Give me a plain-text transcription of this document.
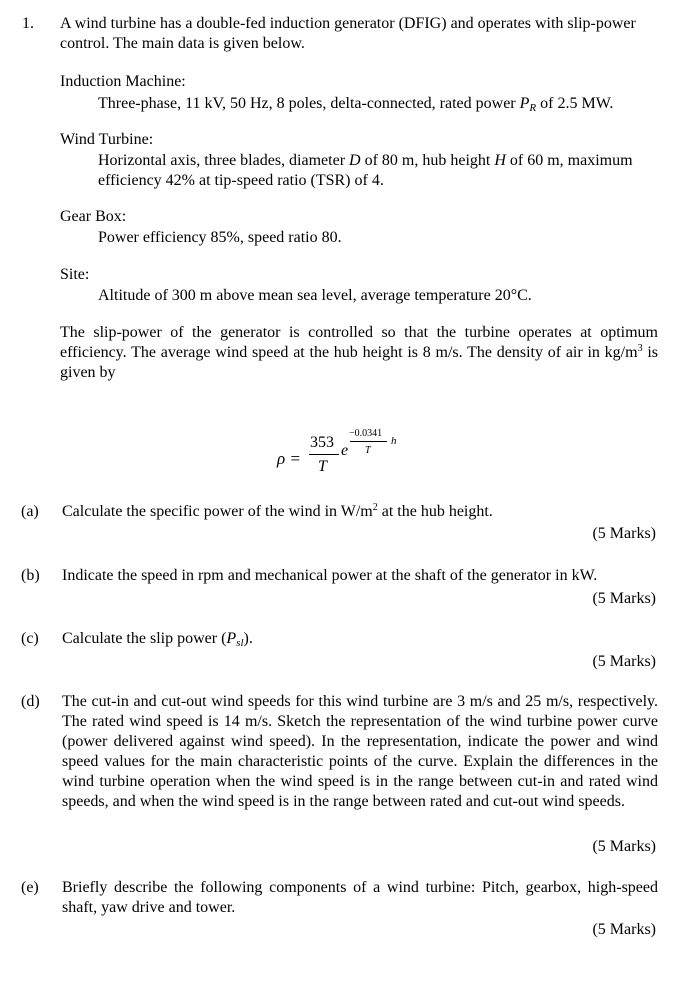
1. A wind turbine has a double-fed induction generator (DFIG) and operates with slip-power control. The main data is given below.
Induction Machine:
Three-phase, 11 kV, 50 Hz, 8 poles, delta-connected, rated power $P_R$ of 2.5 MW.
Wind Turbine:
Horizontal axis, three blades, diameter D of 80 m, hub height H of 60 m, maximum efficiency 42% at tip-speed ratio (TSR) of 4.
Gear Box:
Power efficiency 85%, speed ratio 80.
Site:
Altitude of 300 m above mean sea level, average temperature 20°C.
The slip-power of the generator is controlled so that the turbine operates at optimum efficiency. The average wind speed at the hub height is 8 m/s. The density of air in $kg/m^3$ is given by
ρ =
353
T
e
−0.0341
T
h
(a) Calculate the specific power of the wind in $W/m^2$ at the hub height.
(5 Marks)
(b) Indicate the speed in rpm and mechanical power at the shaft of the generator in kW.
(5 Marks)
(c) Calculate the slip power $(P_{sl})$.
(5 Marks)
(d) The cut-in and cut-out wind speeds for this wind turbine are 3 m/s and 25 m/s, respectively. The rated wind speed is 14 m/s. Sketch the representation of the wind turbine power curve (power delivered against wind speed). In the representation, indicate the power and wind speed values for the main characteristic points of the curve. Explain the differences in the wind turbine operation when the wind speed is in the range between cut-in and rated wind speeds, and when the wind speed is in the range between rated and cut-out wind speeds.
(5 Marks)
(e) Briefly describe the following components of a wind turbine: Pitch, gearbox, high-speed shaft, yaw drive and tower.
(5 Marks)
